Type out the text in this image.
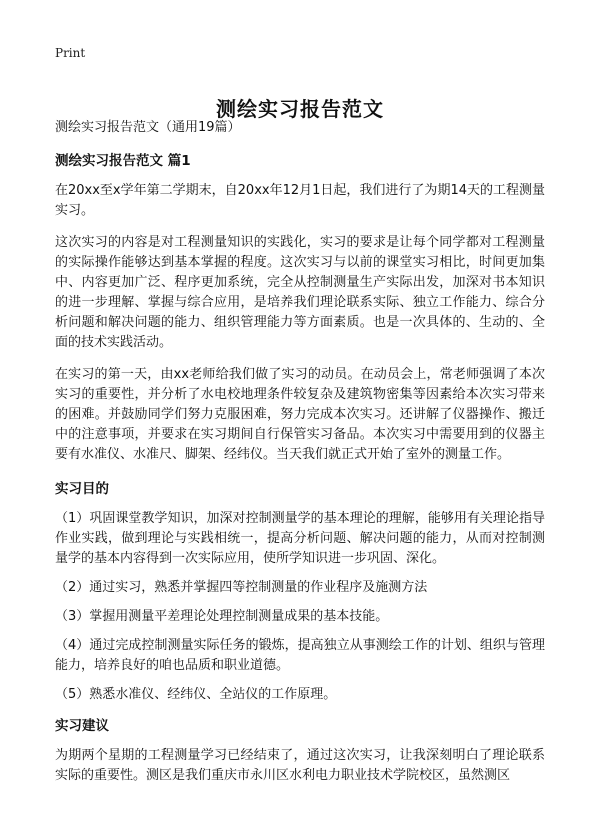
Print
测绘实习报告范文
测绘实习报告范文（通用19篇）
测绘实习报告范文 篇1

在20xx至x学年第二学期末，自20xx年12月1日起，我们进行了为期14天的工程测量实习。

这次实习的内容是对工程测量知识的实践化，实习的要求是让每个同学都对工程测量的实际操作能够达到基本掌握的程度。这次实习与以前的课堂实习相比，时间更加集中、内容更加广泛、程序更加系统，完全从控制测量生产实际出发，加深对书本知识的进一步理解、掌握与综合应用，是培养我们理论联系实际、独立工作能力、综合分析问题和解决问题的能力、组织管理能力等方面素质。也是一次具体的、生动的、全面的技术实践活动。

在实习的第一天，由xx老师给我们做了实习的动员。在动员会上，常老师强调了本次实习的重要性，并分析了水电校地理条件较复杂及建筑物密集等因素给本次实习带来的困难。并鼓励同学们努力克服困难，努力完成本次实习。还讲解了仪器操作、搬迁中的注意事项，并要求在实习期间自行保管实习备品。本次实习中需要用到的仪器主要有水准仪、水准尺、脚架、经纬仪。当天我们就正式开始了室外的测量工作。

实习目的

（1）巩固课堂教学知识，加深对控制测量学的基本理论的理解，能够用有关理论指导作业实践，做到理论与实践相统一，提高分析问题、解决问题的能力，从而对控制测量学的基本内容得到一次实际应用，使所学知识进一步巩固、深化。

（2）通过实习，熟悉并掌握四等控制测量的作业程序及施测方法

（3）掌握用测量平差理论处理控制测量成果的基本技能。

（4）通过完成控制测量实际任务的锻炼，提高独立从事测绘工作的计划、组织与管理能力，培养良好的咱也品质和职业道德。

（5）熟悉水准仪、经纬仪、全站仪的工作原理。

实习建议

为期两个星期的工程测量学习已经结束了，通过这次实习，让我深刻明白了理论联系实际的重要性。测区是我们重庆市永川区水利电力职业技术学院校区，虽然测区
